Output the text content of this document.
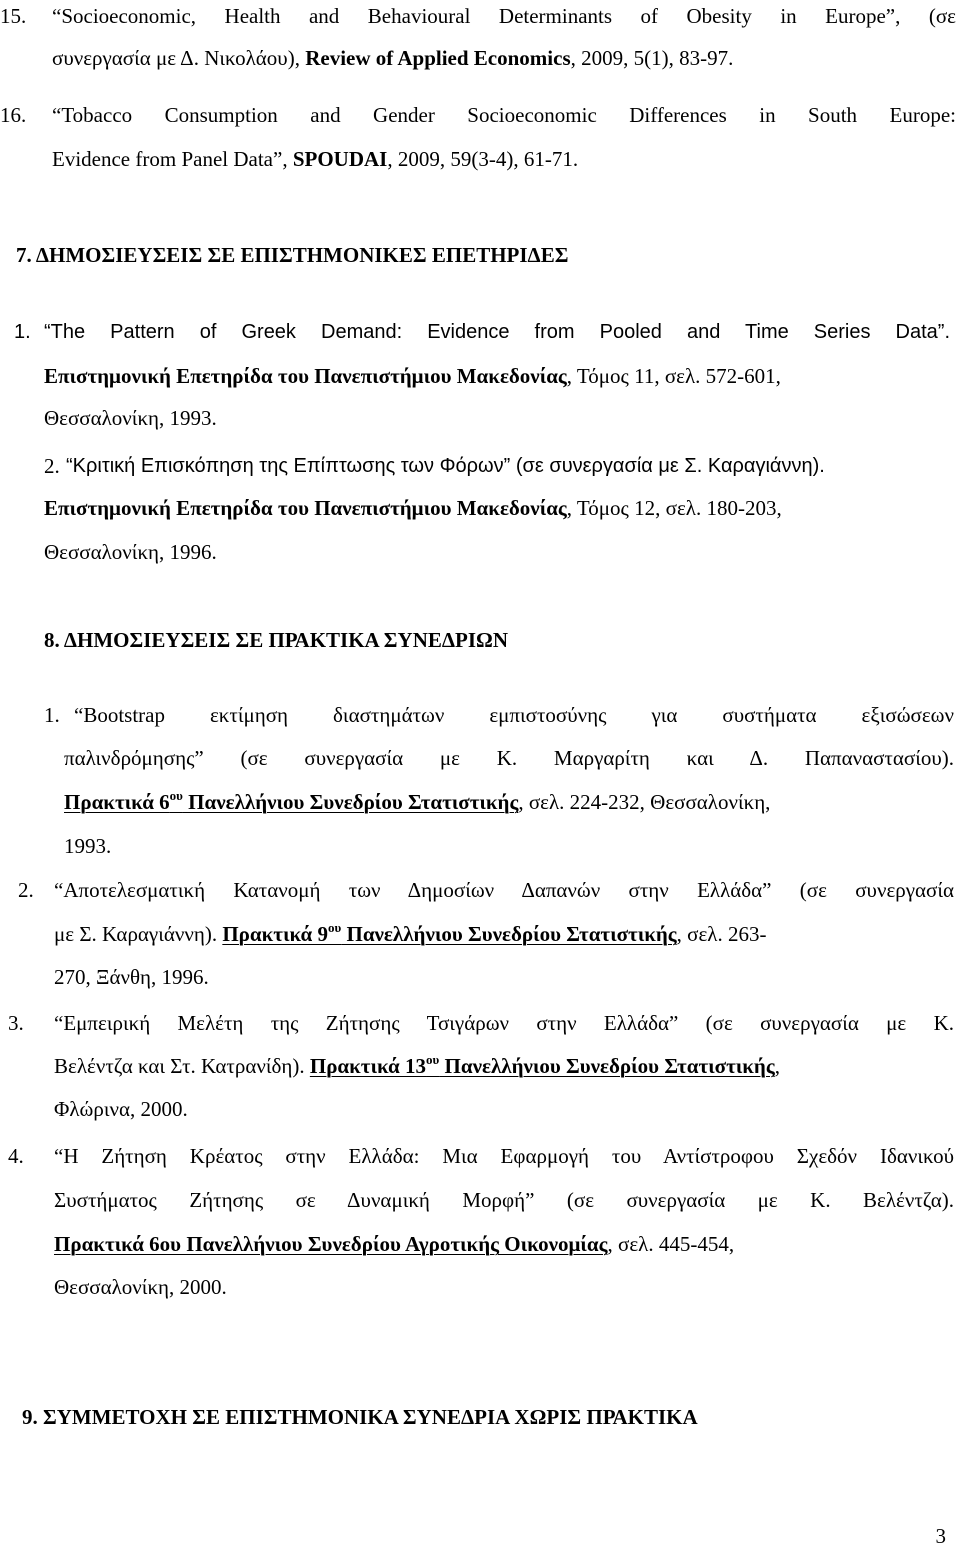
15. “Socioeconomic, Health and Behavioural Determinants of Obesity in Europe”, (σε
συνεργασία με Δ. Νικολάου), Review of Applied Economics, 2009, 5(1), 83-97.
16. “Tobacco Consumption and Gender Socioeconomic Differences in South Europe:
Evidence from Panel Data”, SPOUDAI, 2009, 59(3-4), 61-71.
7. ΔΗΜΟΣΙΕΥΣΕΙΣ ΣΕ ΕΠΙΣΤΗΜΟΝΙΚΕΣ ΕΠΕΤΗΡΙΔΕΣ
1. “The Pattern of Greek Demand: Evidence from Pooled and Time Series Data”.
Επιστημονική Επετηρίδα του Πανεπιστήμιου Μακεδονίας, Τόμος 11, σελ. 572-601,
Θεσσαλονίκη, 1993.
2. “Κριτική Επισκόπηση της Επίπτωσης των Φόρων” (σε συνεργασία με Σ. Καραγιάννη).
Επιστημονική Επετηρίδα του Πανεπιστήμιου Μακεδονίας, Τόμος 12, σελ. 180-203,
Θεσσαλονίκη, 1996.
8. ΔΗΜΟΣΙΕΥΣΕΙΣ ΣΕ ΠΡΑΚΤΙΚΑ ΣΥΝΕΔΡΙΩΝ
1. “Bootstrap εκτίμηση διαστημάτων εμπιστοσύνης για συστήματα εξισώσεων
παλινδρόμησης” (σε συνεργασία με Κ. Μαργαρίτη και Δ. Παπαναστασίου).
Πρακτικά $6^{o\upsilon}$ Πανελλήνιου Συνεδρίου Στατιστικής, σελ. 224-232, Θεσσαλονίκη,
1993.
2. “Αποτελεσματική Κατανομή των Δημοσίων Δαπανών στην Ελλάδα” (σε συνεργασία
με Σ. Καραγιάννη). Πρακτικά $9^{o\upsilon}$ Πανελλήνιου Συνεδρίου Στατιστικής, σελ. 263-
270, Ξάνθη, 1996.
3. “Εμπειρική Μελέτη της Ζήτησης Τσιγάρων στην Ελλάδα” (σε συνεργασία με Κ.
Βελέντζα και Στ. Κατρανίδη). Πρακτικά $13^{o\upsilon}$ Πανελλήνιου Συνεδρίου Στατιστικής,
Φλώρινα, 2000.
4. “Η Ζήτηση Κρέατος στην Ελλάδα: Μια Εφαρμογή του Αντίστροφου Σχεδόν Ιδανικού
Συστήματος Ζήτησης σε Δυναμική Μορφή” (σε συνεργασία με Κ. Βελέντζα).
Πρακτικά 6ου Πανελλήνιου Συνεδρίου Αγροτικής Οικονομίας, σελ. 445-454,
Θεσσαλονίκη, 2000.
9. ΣΥΜΜΕΤΟΧΗ ΣΕ ΕΠΙΣΤΗΜΟΝΙΚΑ ΣΥΝΕΔΡΙΑ ΧΩΡΙΣ ΠΡΑΚΤΙΚΑ
3
